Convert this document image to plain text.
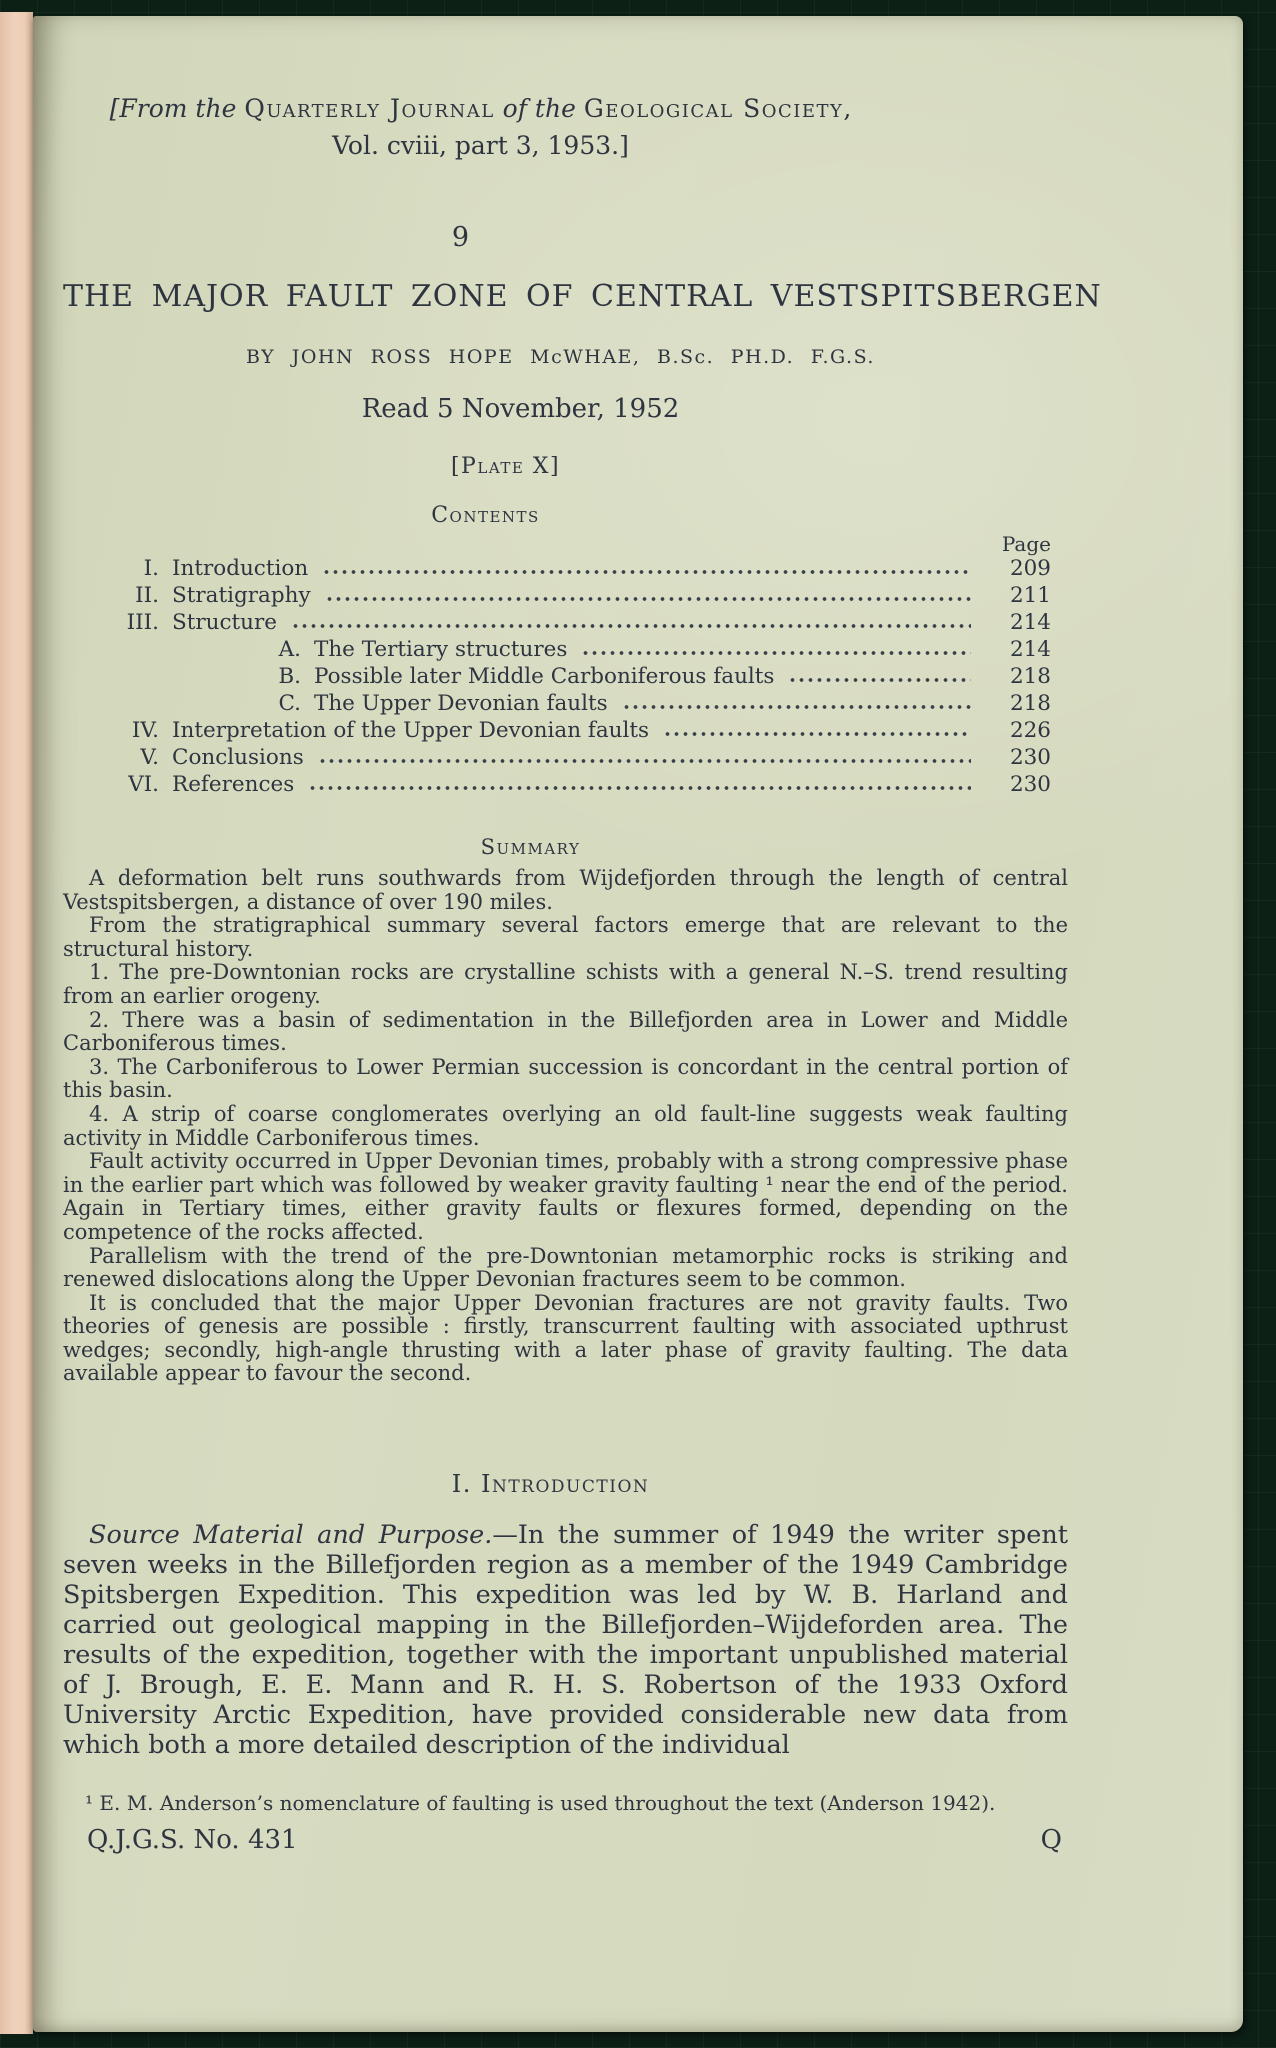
[From the Quarterly Journal of the Geological Society,
Vol. cviii, part 3, 1953.]
9
THE MAJOR FAULT ZONE OF CENTRAL VESTSPITSBERGEN
BY JOHN ROSS HOPE McWHAE, B.Sc. PH.D. F.G.S.
Read 5 November, 1952
[Plate X]
Contents
Page
I. Introduction	209
II. Stratigraphy	211
III. Structure	214
A. The Tertiary structures	214
B. Possible later Middle Carboniferous faults	218
C. The Upper Devonian faults	218
IV. Interpretation of the Upper Devonian faults	226
V. Conclusions	230
VI. References	230
Summary

A deformation belt runs southwards from Wijdefjorden through the length of central Vestspitsbergen, a distance of over 190 miles.

From the stratigraphical summary several factors emerge that are relevant to the structural history.

1. The pre-Downtonian rocks are crystalline schists with a general N.–S. trend resulting from an earlier orogeny.

2. There was a basin of sedimentation in the Billefjorden area in Lower and Middle Carboniferous times.

3. The Carboniferous to Lower Permian succession is concordant in the central portion of this basin.

4. A strip of coarse conglomerates overlying an old fault-line suggests weak faulting activity in Middle Carboniferous times.

Fault activity occurred in Upper Devonian times, probably with a strong compressive phase in the earlier part which was followed by weaker gravity faulting ¹ near the end of the period. Again in Tertiary times, either gravity faults or flexures formed, depending on the competence of the rocks affected.

Parallelism with the trend of the pre-Downtonian metamorphic rocks is striking and renewed dislocations along the Upper Devonian fractures seem to be common.

It is concluded that the major Upper Devonian fractures are not gravity faults. Two theories of genesis are possible : firstly, transcurrent faulting with associated upthrust wedges; secondly, high-angle thrusting with a later phase of gravity faulting. The data available appear to favour the second.

I. Introduction

Source Material and Purpose.—In the summer of 1949 the writer spent seven weeks in the Billefjorden region as a member of the 1949 Cambridge Spitsbergen Expedition. This expedition was led by W. B. Harland and carried out geological mapping in the Billefjorden–Wijdeforden area. The results of the expedition, together with the important unpublished material of J. Brough, E. E. Mann and R. H. S. Robertson of the 1933 Oxford University Arctic Expedition, have provided considerable new data from which both a more detailed description of the individual

¹ E. M. Anderson’s nomenclature of faulting is used throughout the text (Anderson 1942).

Q.J.G.S. No. 431	Q
